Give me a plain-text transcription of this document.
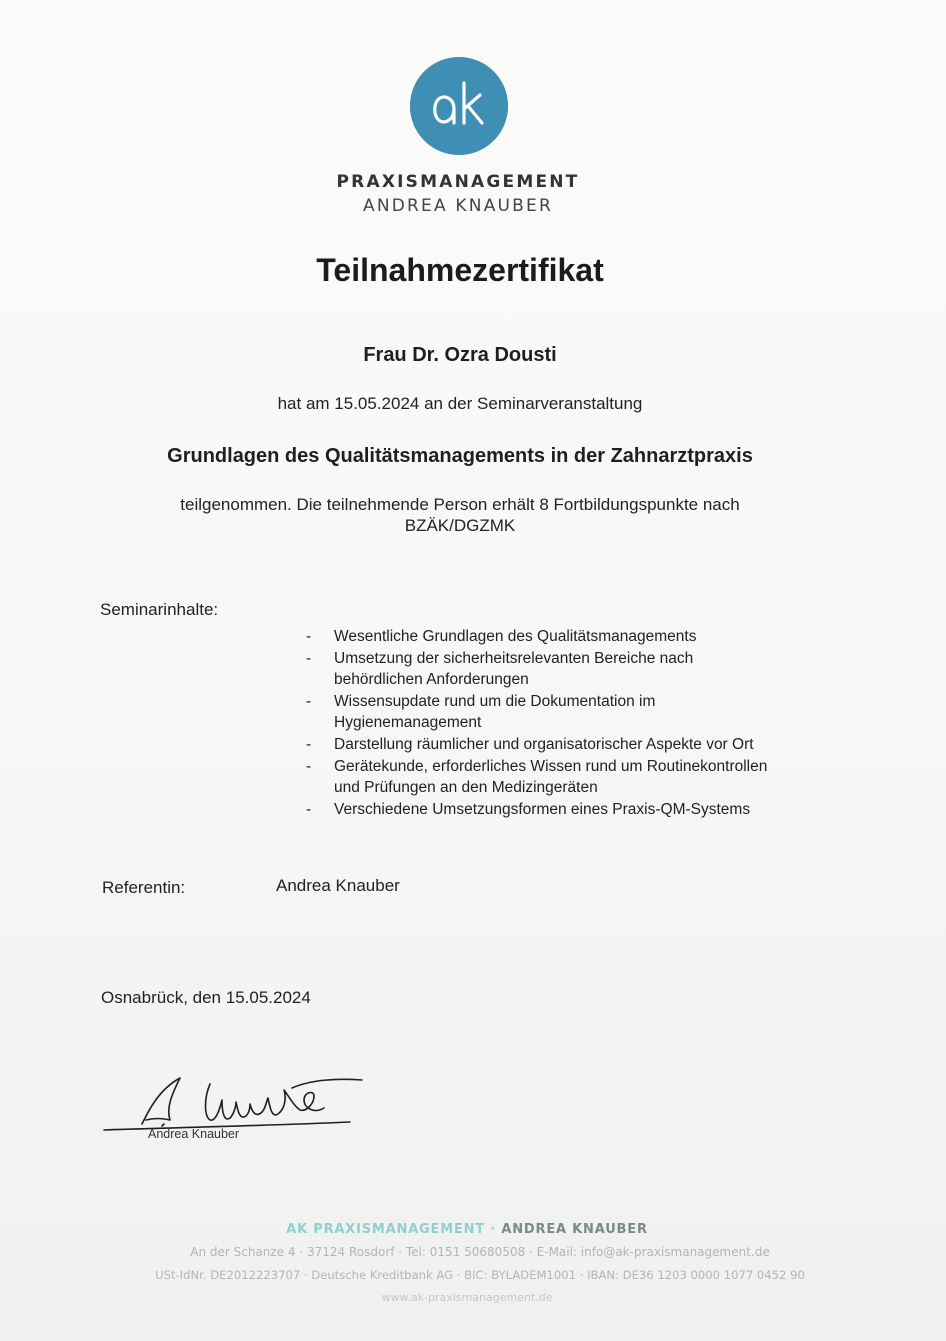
PRAXISMANAGEMENT
ANDREA KNAUBER
Teilnahmezertifikat
Frau Dr. Ozra Dousti
hat am 15.05.2024 an der Seminarveranstaltung
Grundlagen des Qualitätsmanagements in der Zahnarztpraxis
teilgenommen. Die teilnehmende Person erhält 8 Fortbildungspunkte nach
BZÄK/DGZMK
Seminarinhalte:
- Wesentliche Grundlagen des Qualitätsmanagements
- Umsetzung der sicherheitsrelevanten Bereiche nach
behördlichen Anforderungen
- Wissensupdate rund um die Dokumentation im
Hygienemanagement
- Darstellung räumlicher und organisatorischer Aspekte vor Ort
- Gerätekunde, erforderliches Wissen rund um Routinekontrollen
und Prüfungen an den Medizingeräten
- Verschiedene Umsetzungsformen eines Praxis-QM-Systems
Referentin:	Andrea Knauber
Osnabrück, den 15.05.2024
Andrea Knauber
AK PRAXISMANAGEMENT · ANDREA KNAUBER
An der Schanze 4 · 37124 Rosdorf · Tel: 0151 50680508 · E-Mail: info@ak-praxismanagement.de
USt-IdNr. DE2012223707 · Deutsche Kreditbank AG · BIC: BYLADEM1001 · IBAN: DE36 1203 0000 1077 0452 90
www.ak-praxismanagement.de
